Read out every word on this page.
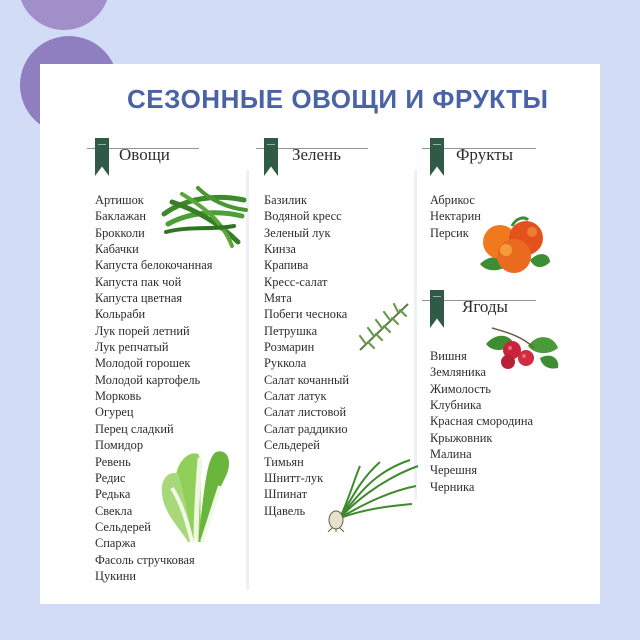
СЕЗОННЫЕ ОВОЩИ И ФРУКТЫ
Овощи
Артишок
Баклажан
Брокколи
Кабачки
Капуста белокочанная
Капуста пак чой
Капуста цветная
Кольраби
Лук порей летний
Лук репчатый
Молодой горошек
Молодой картофель
Морковь
Огурец
Перец сладкий
Помидор
Ревень
Редис
Редька
Свекла
Сельдерей
Спаржа
Фасоль стручковая
Цукини
Зелень
Базилик
Водяной кресс
Зеленый лук
Кинза
Крапива
Кресс-салат
Мята
Побеги чеснока
Петрушка
Розмарин
Руккола
Салат кочанный
Салат латук
Салат листовой
Салат раддикио
Сельдерей
Тимьян
Шнитт-лук
Шпинат
Щавель
Фрукты
Абрикос
Нектарин
Персик
Ягоды
Вишня
Земляника
Жимолость
Клубника
Красная смородина
Крыжовник
Малина
Черешня
Черника
